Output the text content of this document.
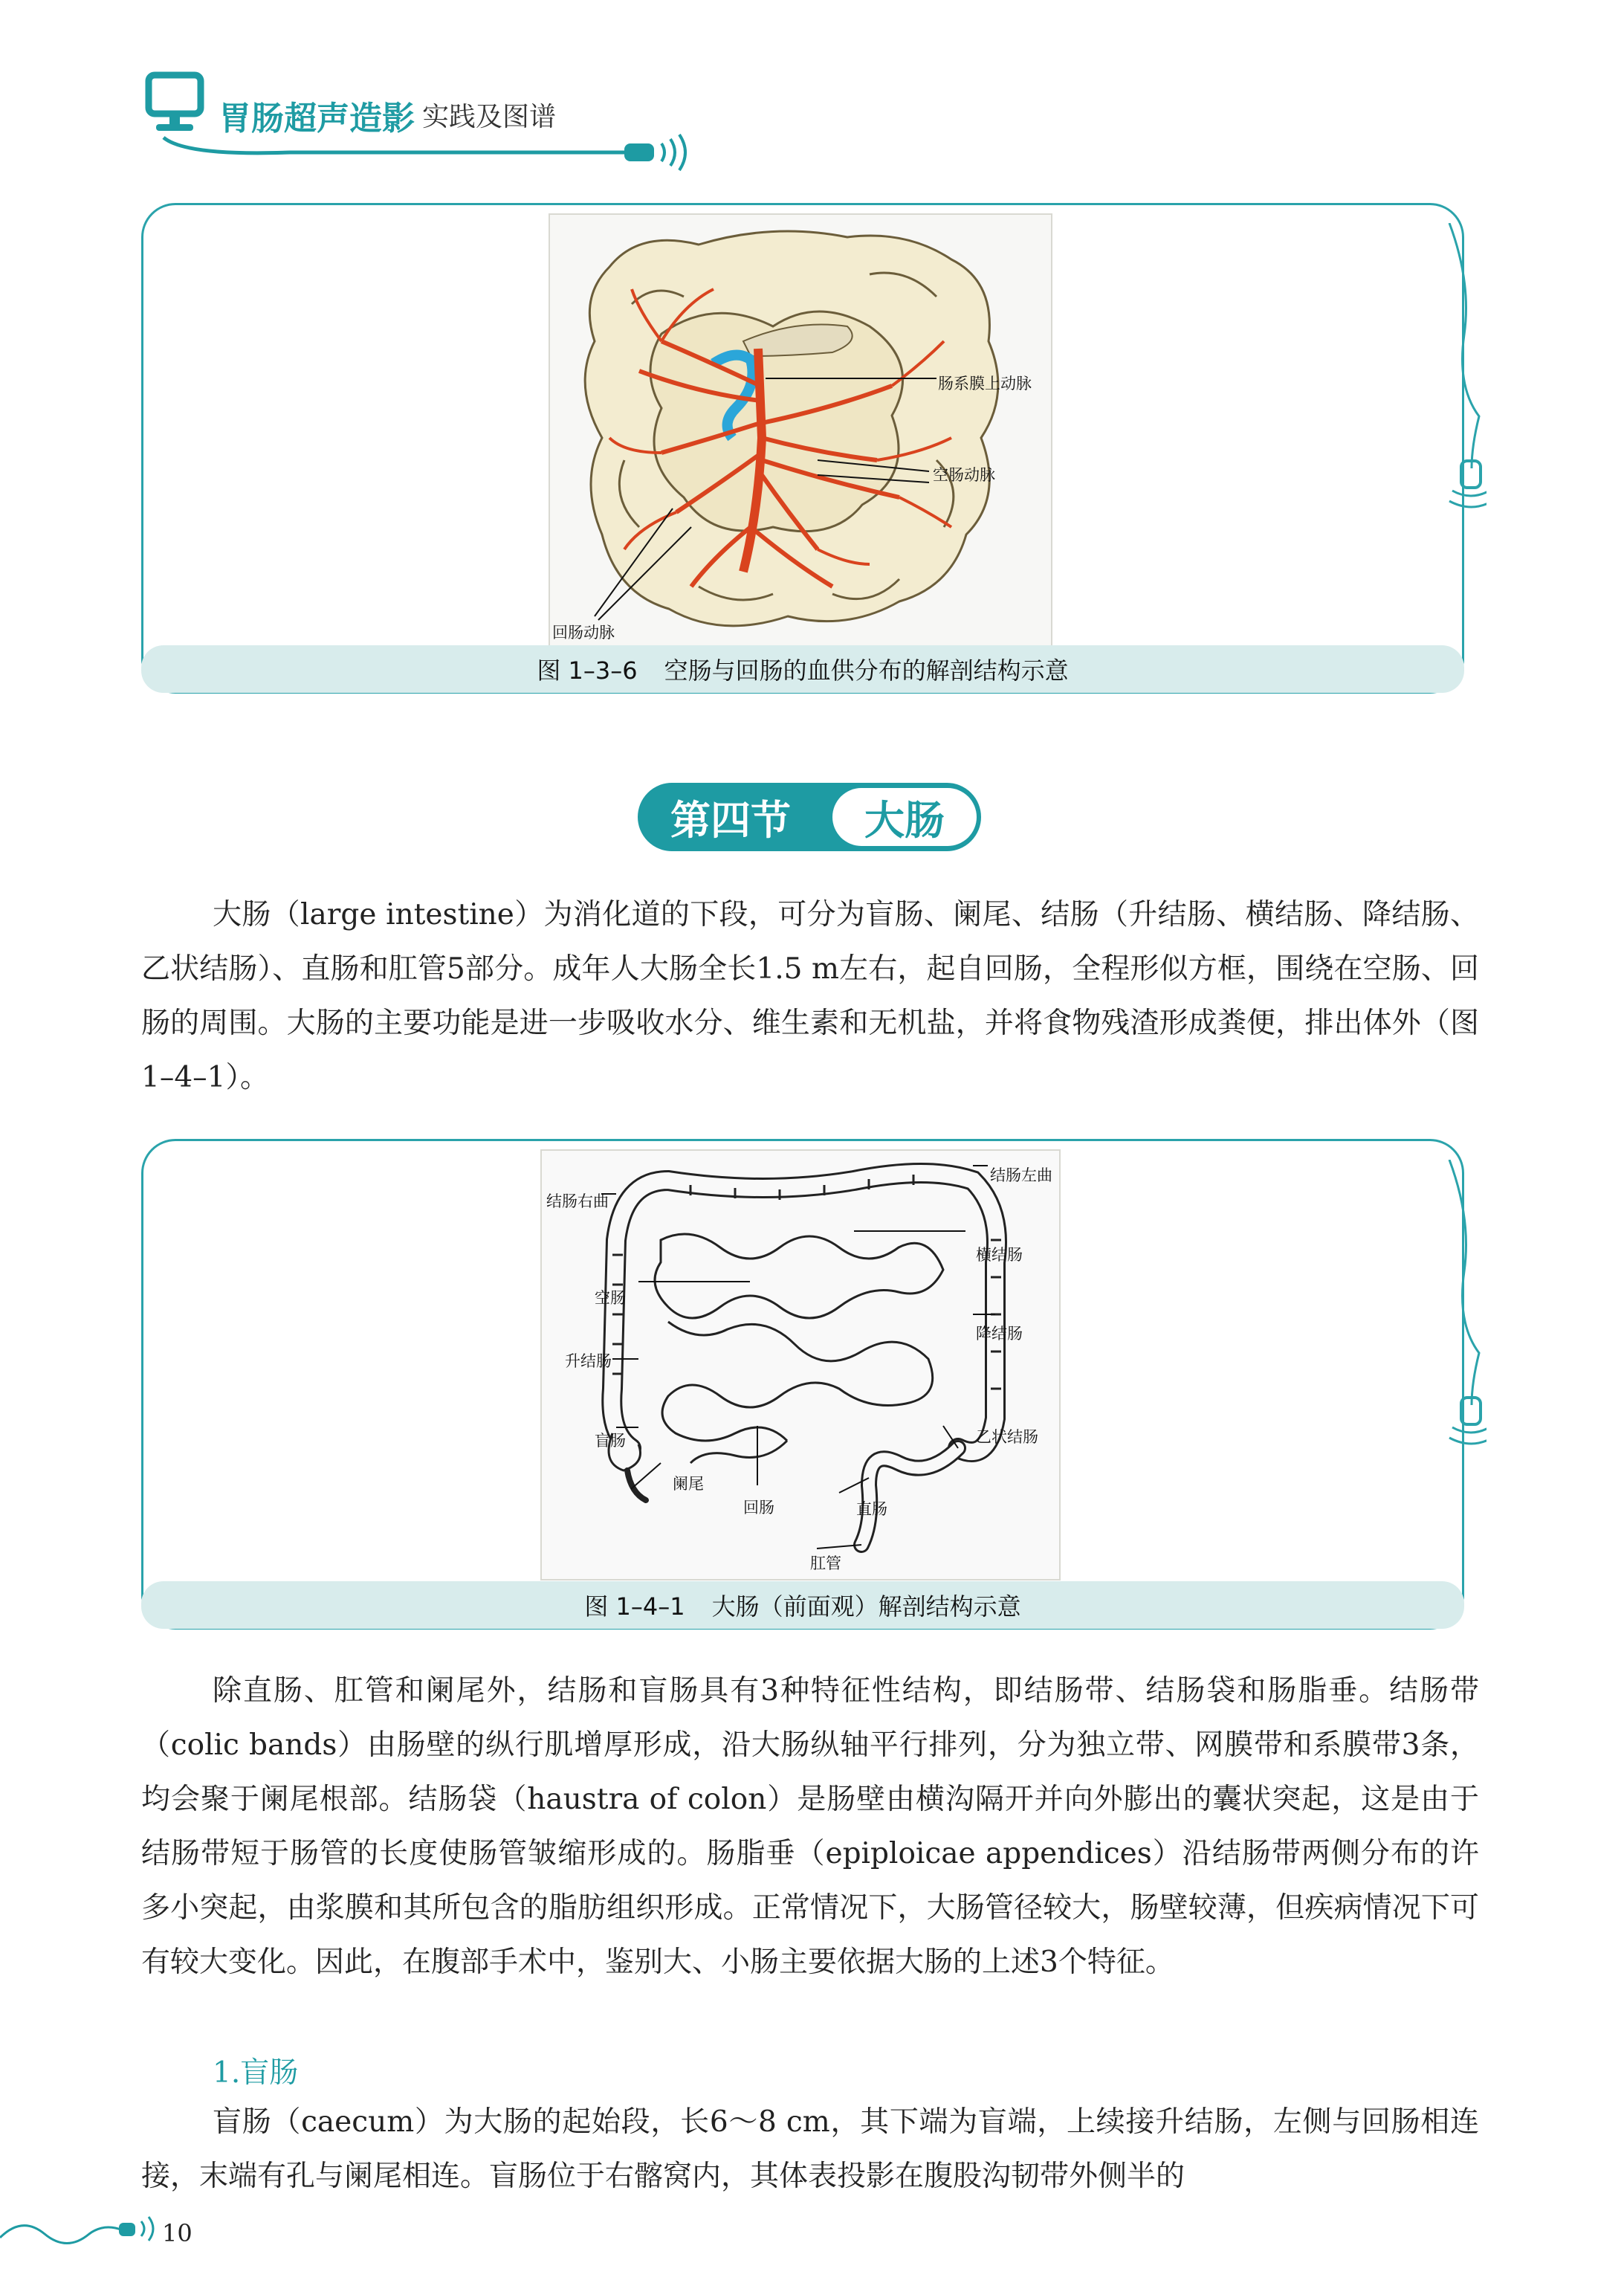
胃肠超声造影 实践及图谱
肠系膜上动脉
空肠动脉
回肠动脉
图 1–3–6 空肠与回肠的血供分布的解剖结构示意
第四节 大肠
大肠（large intestine）为消化道的下段，可分为盲肠、阑尾、结肠（升结肠、横结肠、降结肠、乙状结肠）、直肠和肛管5部分。成年人大肠全长1.5 m左右，起自回肠，全程形似方框，围绕在空肠、回肠的周围。大肠的主要功能是进一步吸收水分、维生素和无机盐，并将食物残渣形成粪便，排出体外（图1–4–1）。
结肠左曲
结肠右曲
横结肠
空肠
降结肠
升结肠
盲肠	乙状结肠
阑尾
回肠	直肠
肛管
图 1–4–1 大肠（前面观）解剖结构示意
除直肠、肛管和阑尾外，结肠和盲肠具有3种特征性结构，即结肠带、结肠袋和肠脂垂。结肠带（colic bands）由肠壁的纵行肌增厚形成，沿大肠纵轴平行排列，分为独立带、网膜带和系膜带3条，均会聚于阑尾根部。结肠袋（haustra of colon）是肠壁由横沟隔开并向外膨出的囊状突起，这是由于结肠带短于肠管的长度使肠管皱缩形成的。肠脂垂（epiploicae appendices）沿结肠带两侧分布的许多小突起，由浆膜和其所包含的脂肪组织形成。正常情况下，大肠管径较大，肠壁较薄，但疾病情况下可有较大变化。因此，在腹部手术中，鉴别大、小肠主要依据大肠的上述3个特征。
1.盲肠
盲肠（caecum）为大肠的起始段，长6～8 cm，其下端为盲端，上续接升结肠，左侧与回肠相连接，末端有孔与阑尾相连。盲肠位于右髂窝内，其体表投影在腹股沟韧带外侧半的
10
